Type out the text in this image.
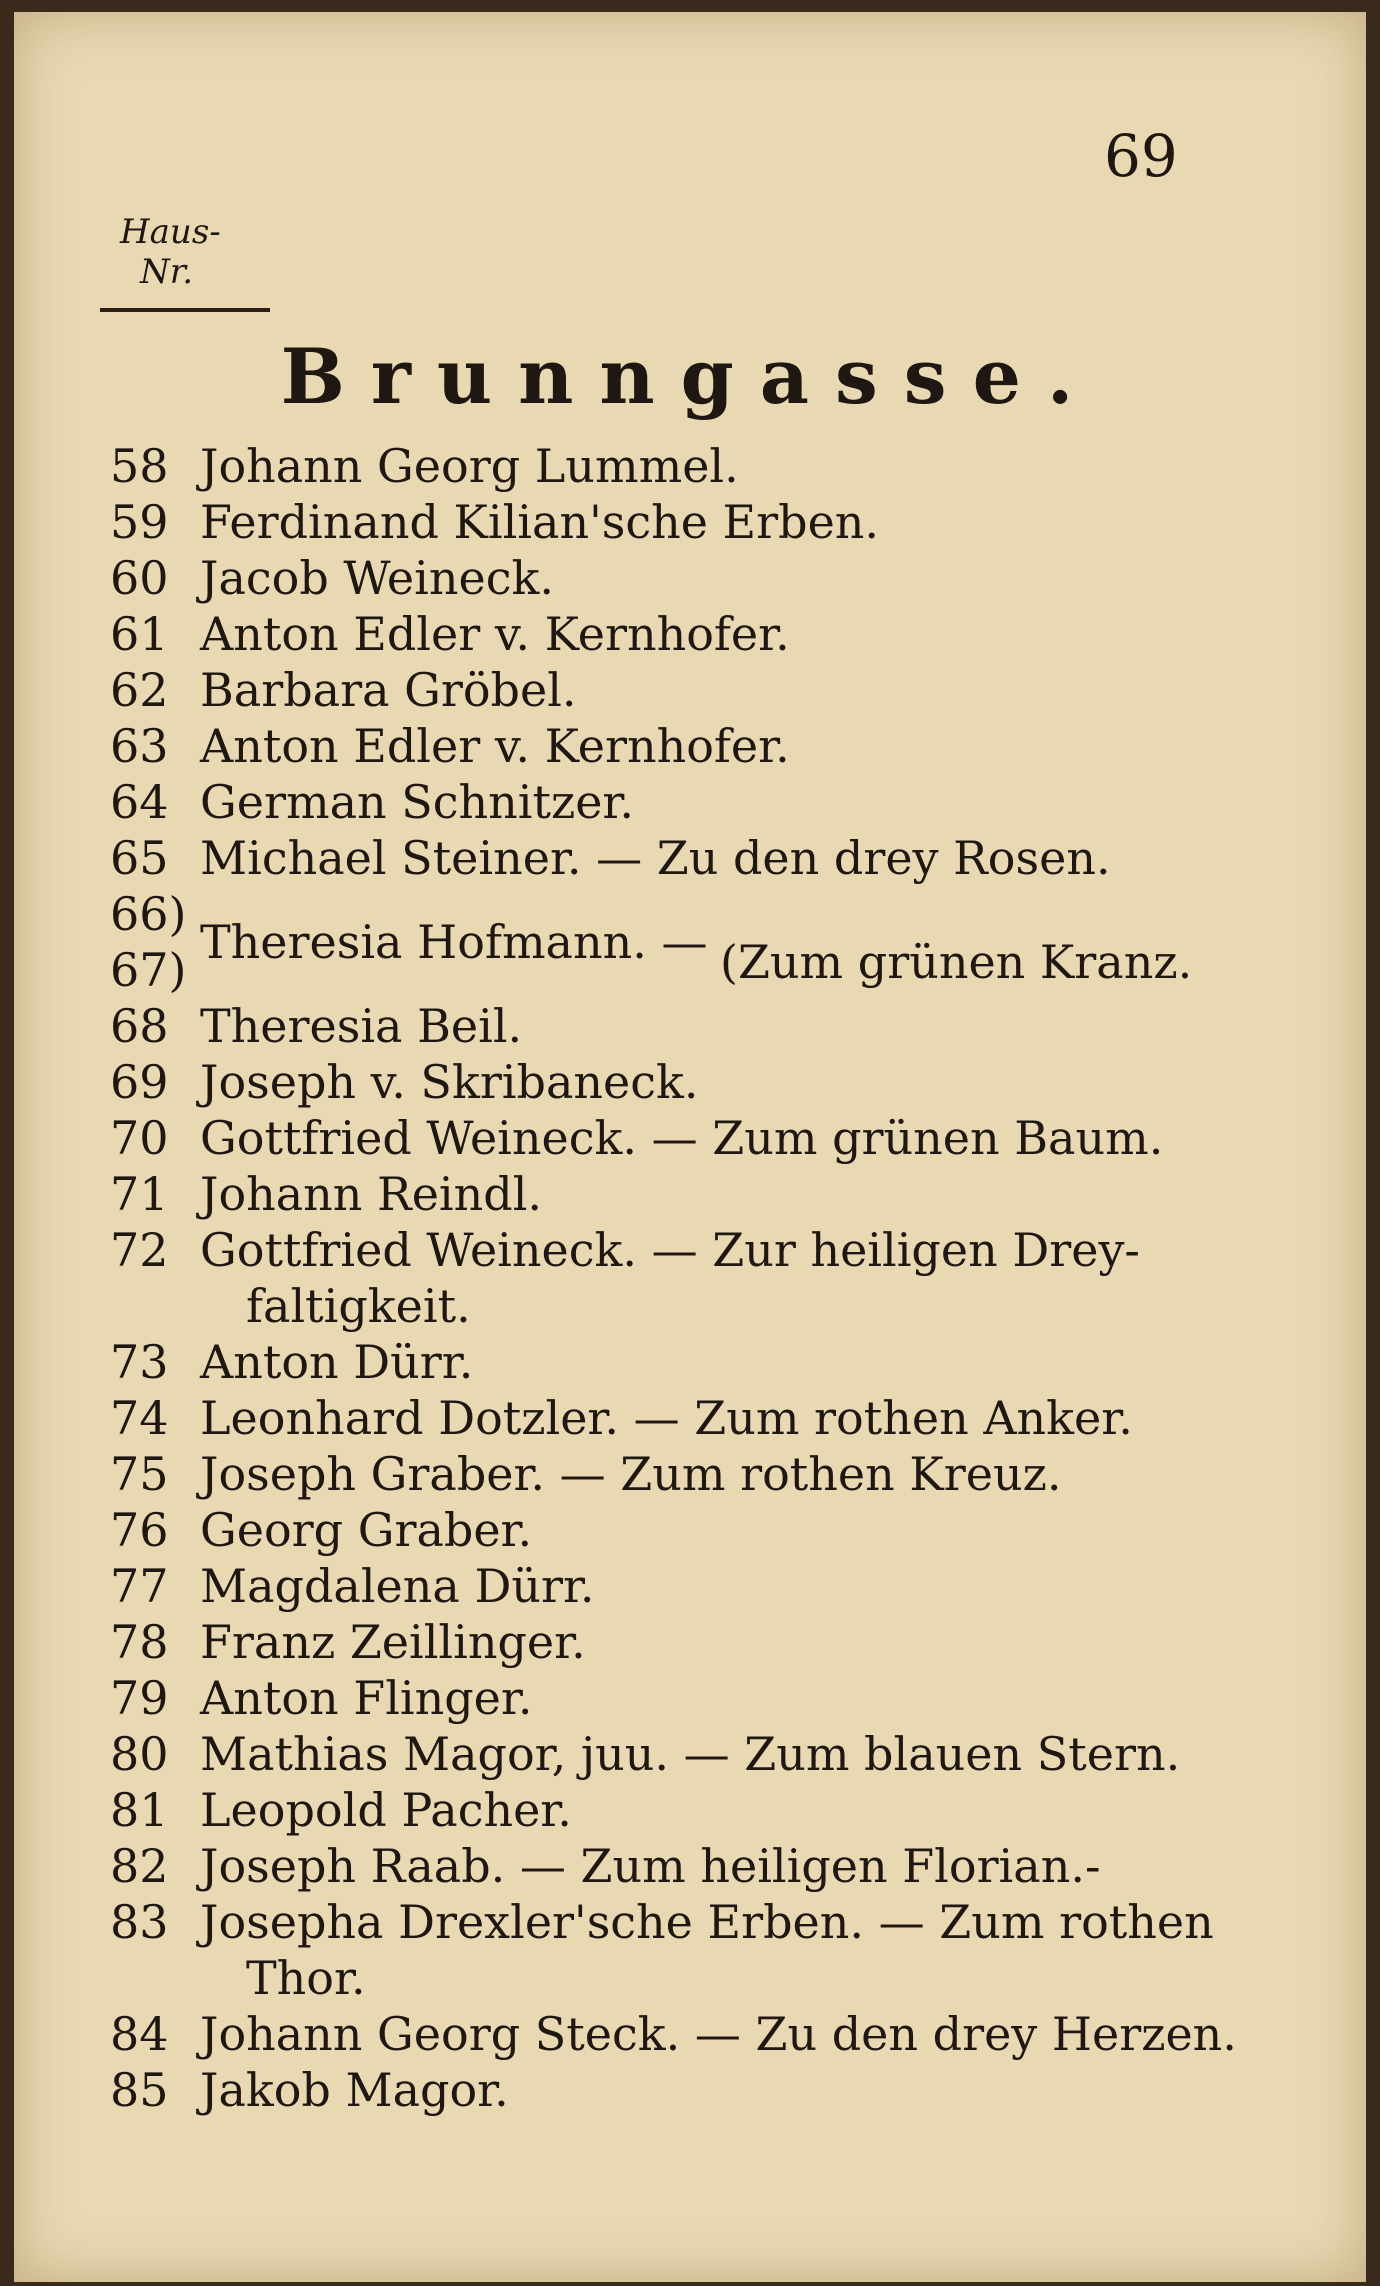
69
Haus-
Nr.
Brunngasse.
58 Johann Georg Lummel.
59 Ferdinand Kilian'sche Erben.
60 Jacob Weineck.
61 Anton Edler v. Kernhofer.
62 Barbara Gröbel.
63 Anton Edler v. Kernhofer.
64 German Schnitzer.
65 Michael Steiner. — Zu den drey Rosen.
66)
67)
Theresia Hofmann. — (Zum grünen Kranz.
68 Theresia Beil.
69 Joseph v. Skribaneck.
70 Gottfried Weineck. — Zum grünen Baum.
71 Johann Reindl.
72 Gottfried Weineck. — Zur heiligen Drey-
faltigkeit.
73 Anton Dürr.
74 Leonhard Dotzler. — Zum rothen Anker.
75 Joseph Graber. — Zum rothen Kreuz.
76 Georg Graber.
77 Magdalena Dürr.
78 Franz Zeillinger.
79 Anton Flinger.
80 Mathias Magor, juu. — Zum blauen Stern.
81 Leopold Pacher.
82 Joseph Raab. — Zum heiligen Florian.-
83 Josepha Drexler'sche Erben. — Zum rothen
Thor.
84 Johann Georg Steck. — Zu den drey Herzen.
85 Jakob Magor.
